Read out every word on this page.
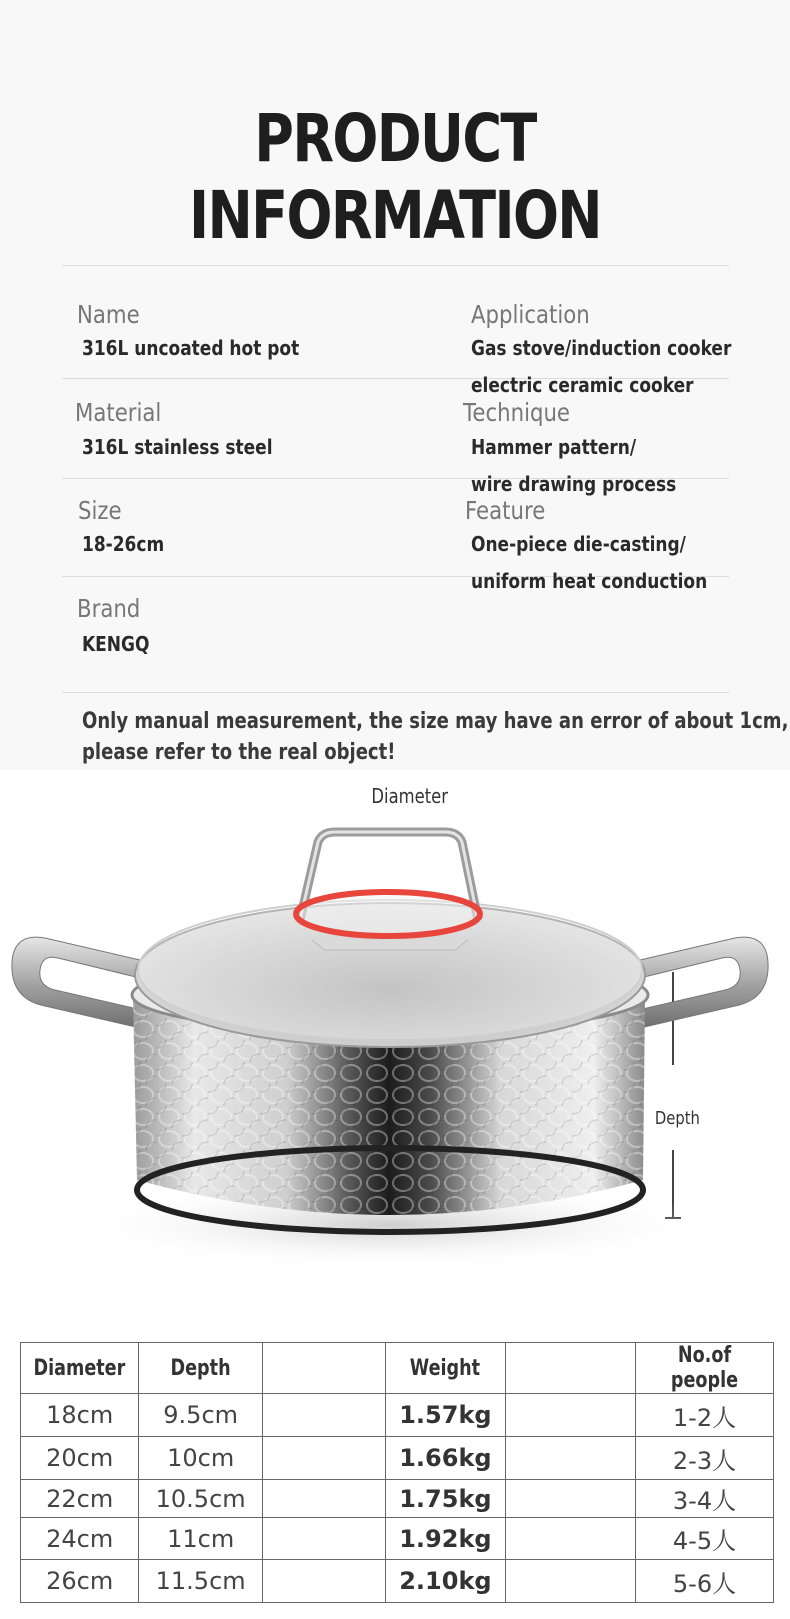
PRODUCT INFORMATION
Name
316L uncoated hot pot
Application
Gas stove/induction cooker
electric ceramic cooker
Material
316L stainless steel
Technique
Hammer pattern/
wire drawing process
Size
18-26cm
Feature
One-piece die-casting/
uniform heat conduction
Brand
KENGQ
Only manual measurement, the size may have an error of about 1cm,
please refer to the real object!
Diameter
Depth
Diameter	Depth		Weight		No.of people
18cm	9.5cm		1.57kg		1-2人
20cm	10cm		1.66kg		2-3人
22cm	10.5cm		1.75kg		3-4人
24cm	11cm		1.92kg		4-5人
26cm	11.5cm		2.10kg		5-6人
